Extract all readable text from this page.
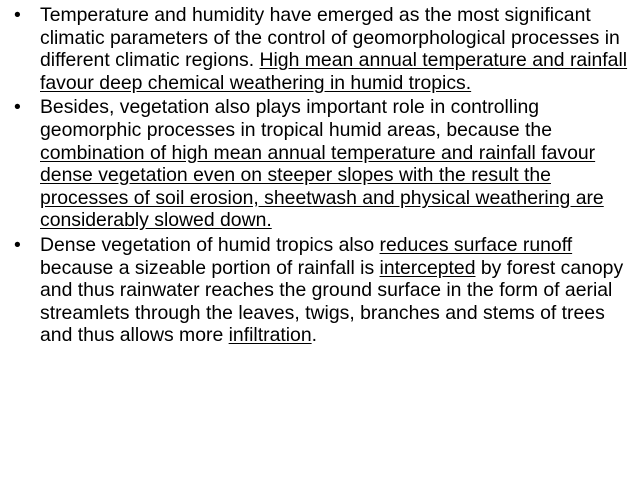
• Temperature and humidity have emerged as the most significant climatic parameters of the control of geomorphological processes in different climatic regions. High mean annual temperature and rainfall favour deep chemical weathering in humid tropics.
• Besides, vegetation also plays important role in controlling geomorphic processes in tropical humid areas, because the combination of high mean annual temperature and rainfall favour dense vegetation even on steeper slopes with the result the processes of soil erosion, sheetwash and physical weathering are considerably slowed down.
• Dense vegetation of humid tropics also reduces surface runoff because a sizeable portion of rainfall is intercepted by forest canopy and thus rainwater reaches the ground surface in the form of aerial streamlets through the leaves, twigs, branches and stems of trees and thus allows more infiltration.
